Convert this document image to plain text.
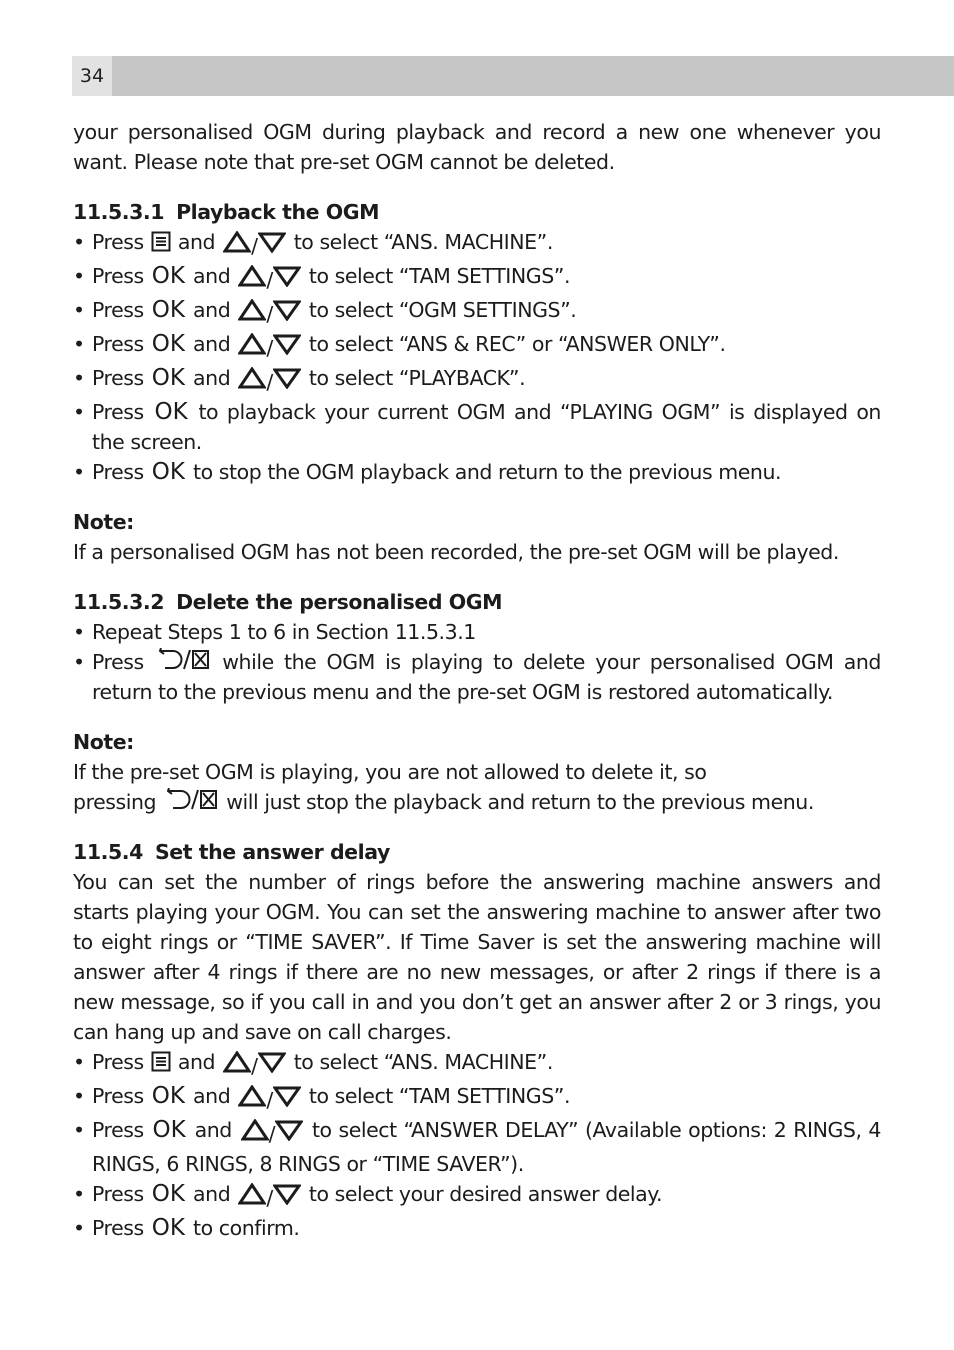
34

your personalised OGM during playback and record a new one whenever you want. Please note that pre-set OGM cannot be deleted.

11.5.3.1 Playback the OGM

• Press and / to select “ANS. MACHINE”.
• Press OK and / to select “TAM SETTINGS”.
• Press OK and / to select “OGM SETTINGS”.
• Press OK and / to select “ANS & REC” or “ANSWER ONLY”.
• Press OK and / to select “PLAYBACK”.
• Press OK to playback your current OGM and “PLAYING OGM” is displayed on the screen.
• Press OK to stop the OGM playback and return to the previous menu.

Note:

If a personalised OGM has not been recorded, the pre-set OGM will be played.

11.5.3.2 Delete the personalised OGM

• Repeat Steps 1 to 6 in Section 11.5.3.1
• Press	while the OGM is playing to delete your personalised OGM and return to the previous menu and the pre-set OGM is restored automatically.

Note:

If the pre-set OGM is playing, you are not allowed to delete it, so
pressing	will just stop the playback and return to the previous menu.

11.5.4 Set the answer delay

You can set the number of rings before the answering machine answers and starts playing your OGM. You can set the answering machine to answer after two to eight rings or “TIME SAVER”. If Time Saver is set the answering machine will answer after 4 rings if there are no new messages, or after 2 rings if there is a new message, so if you call in and you don’t get an answer after 2 or 3 rings, you can hang up and save on call charges.

• Press and / to select “ANS. MACHINE”.
• Press OK and / to select “TAM SETTINGS”.
• Press OK and / to select “ANSWER DELAY” (Available options: 2 RINGS, 4 RINGS, 6 RINGS, 8 RINGS or “TIME SAVER”).
• Press OK and / to select your desired answer delay.
• Press OK to confirm.
